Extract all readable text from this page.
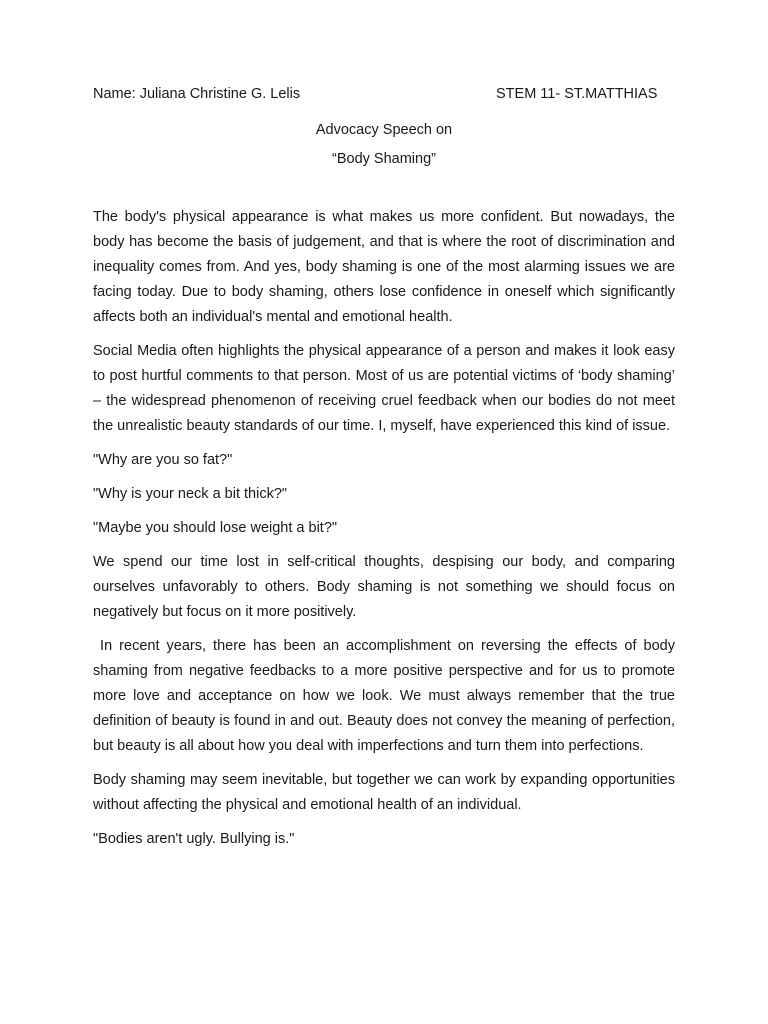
Name: Juliana Christine G. Lelis	STEM 11- ST.MATTHIAS
Advocacy Speech on
“Body Shaming”

The body's physical appearance is what makes us more confident. But nowadays, the body has become the basis of judgement, and that is where the root of discrimination and inequality comes from. And yes, body shaming is one of the most alarming issues we are facing today. Due to body shaming, others lose confidence in oneself which significantly affects both an individual's mental and emotional health.

Social Media often highlights the physical appearance of a person and makes it look easy to post hurtful comments to that person. Most of us are potential victims of ‘body shaming’ – the widespread phenomenon of receiving cruel feedback when our bodies do not meet the unrealistic beauty standards of our time. I, myself, have experienced this kind of issue.

"Why are you so fat?"

"Why is your neck a bit thick?"

"Maybe you should lose weight a bit?"

We spend our time lost in self-critical thoughts, despising our body, and comparing ourselves unfavorably to others. Body shaming is not something we should focus on negatively but focus on it more positively.

In recent years, there has been an accomplishment on reversing the effects of body shaming from negative feedbacks to a more positive perspective and for us to promote more love and acceptance on how we look. We must always remember that the true definition of beauty is found in and out. Beauty does not convey the meaning of perfection, but beauty is all about how you deal with imperfections and turn them into perfections.

Body shaming may seem inevitable, but together we can work by expanding opportunities without affecting the physical and emotional health of an individual.

"Bodies aren't ugly. Bullying is."
